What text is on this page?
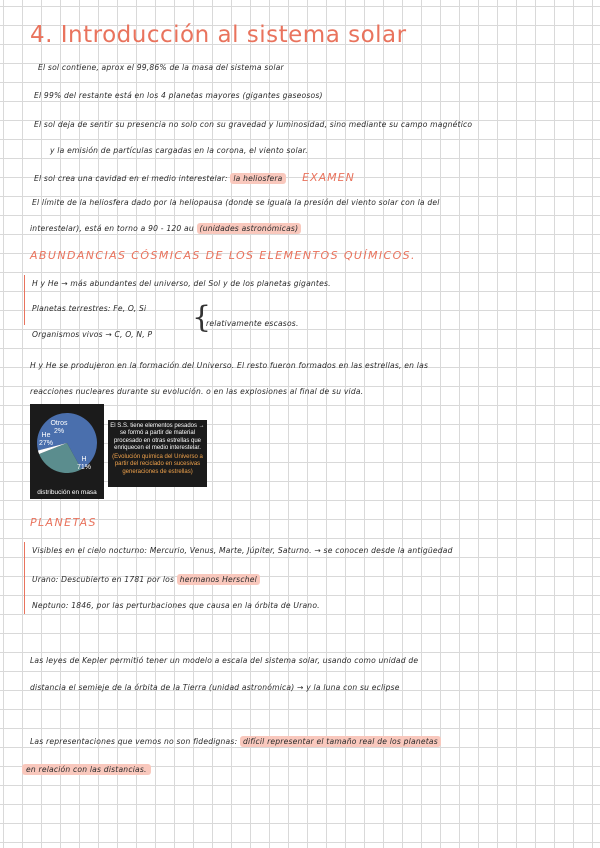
4. Introducción al sistema solar
El sol contiene, aprox el 99,86% de la masa del sistema solar
El 99% del restante está en los 4 planetas mayores (gigantes gaseosos)
El sol deja de sentir su presencia no solo con su gravedad y luminosidad, sino mediante su campo magnético
y la emisión de partículas cargadas en la corona, el viento solar.
El sol crea una cavidad en el medio interestelar: la heliosfera EXAMEN
El límite de la heliosfera dado por la heliopausa (donde se iguala la presión del viento solar con la del
interestelar), está en torno a 90 - 120 au (unidades astronómicas)
ABUNDANCIAS CÓSMICAS DE LOS ELEMENTOS QUÍMICOS.
H y He → más abundantes del universo, del Sol y de los planetas gigantes.
Planetas terrestres: Fe, O, Si
Organismos vivos → C, O, N, P {
relativamente escasos.
H y He se produjeron en la formación del Universo. El resto fueron formados en las estrellas, en las
reacciones nucleares durante su evolución. o en las explosiones al final de su vida.
Otros
2%
He
27%
H
71%
distribución en masa
El S.S. tiene elementos pesados → se formó a partir de material procesado en otras estrellas que enriquecen el medio interestelar.
(Evolución química del Universo a partir del reciclado en sucesivas generaciones de estrellas)
PLANETAS
Visibles en el cielo nocturno: Mercurio, Venus, Marte, Júpiter, Saturno. → se conocen desde la antigüedad
Urano: Descubierto en 1781 por los hermanos Herschel
Neptuno: 1846, por las perturbaciones que causa en la órbita de Urano.
Las leyes de Kepler permitió tener un modelo a escala del sistema solar, usando como unidad de
distancia el semieje de la órbita de la Tierra (unidad astronómica) → y la luna con su eclipse
Las representaciones que vemos no son fidedignas: difícil representar el tamaño real de los planetas
en relación con las distancias.
